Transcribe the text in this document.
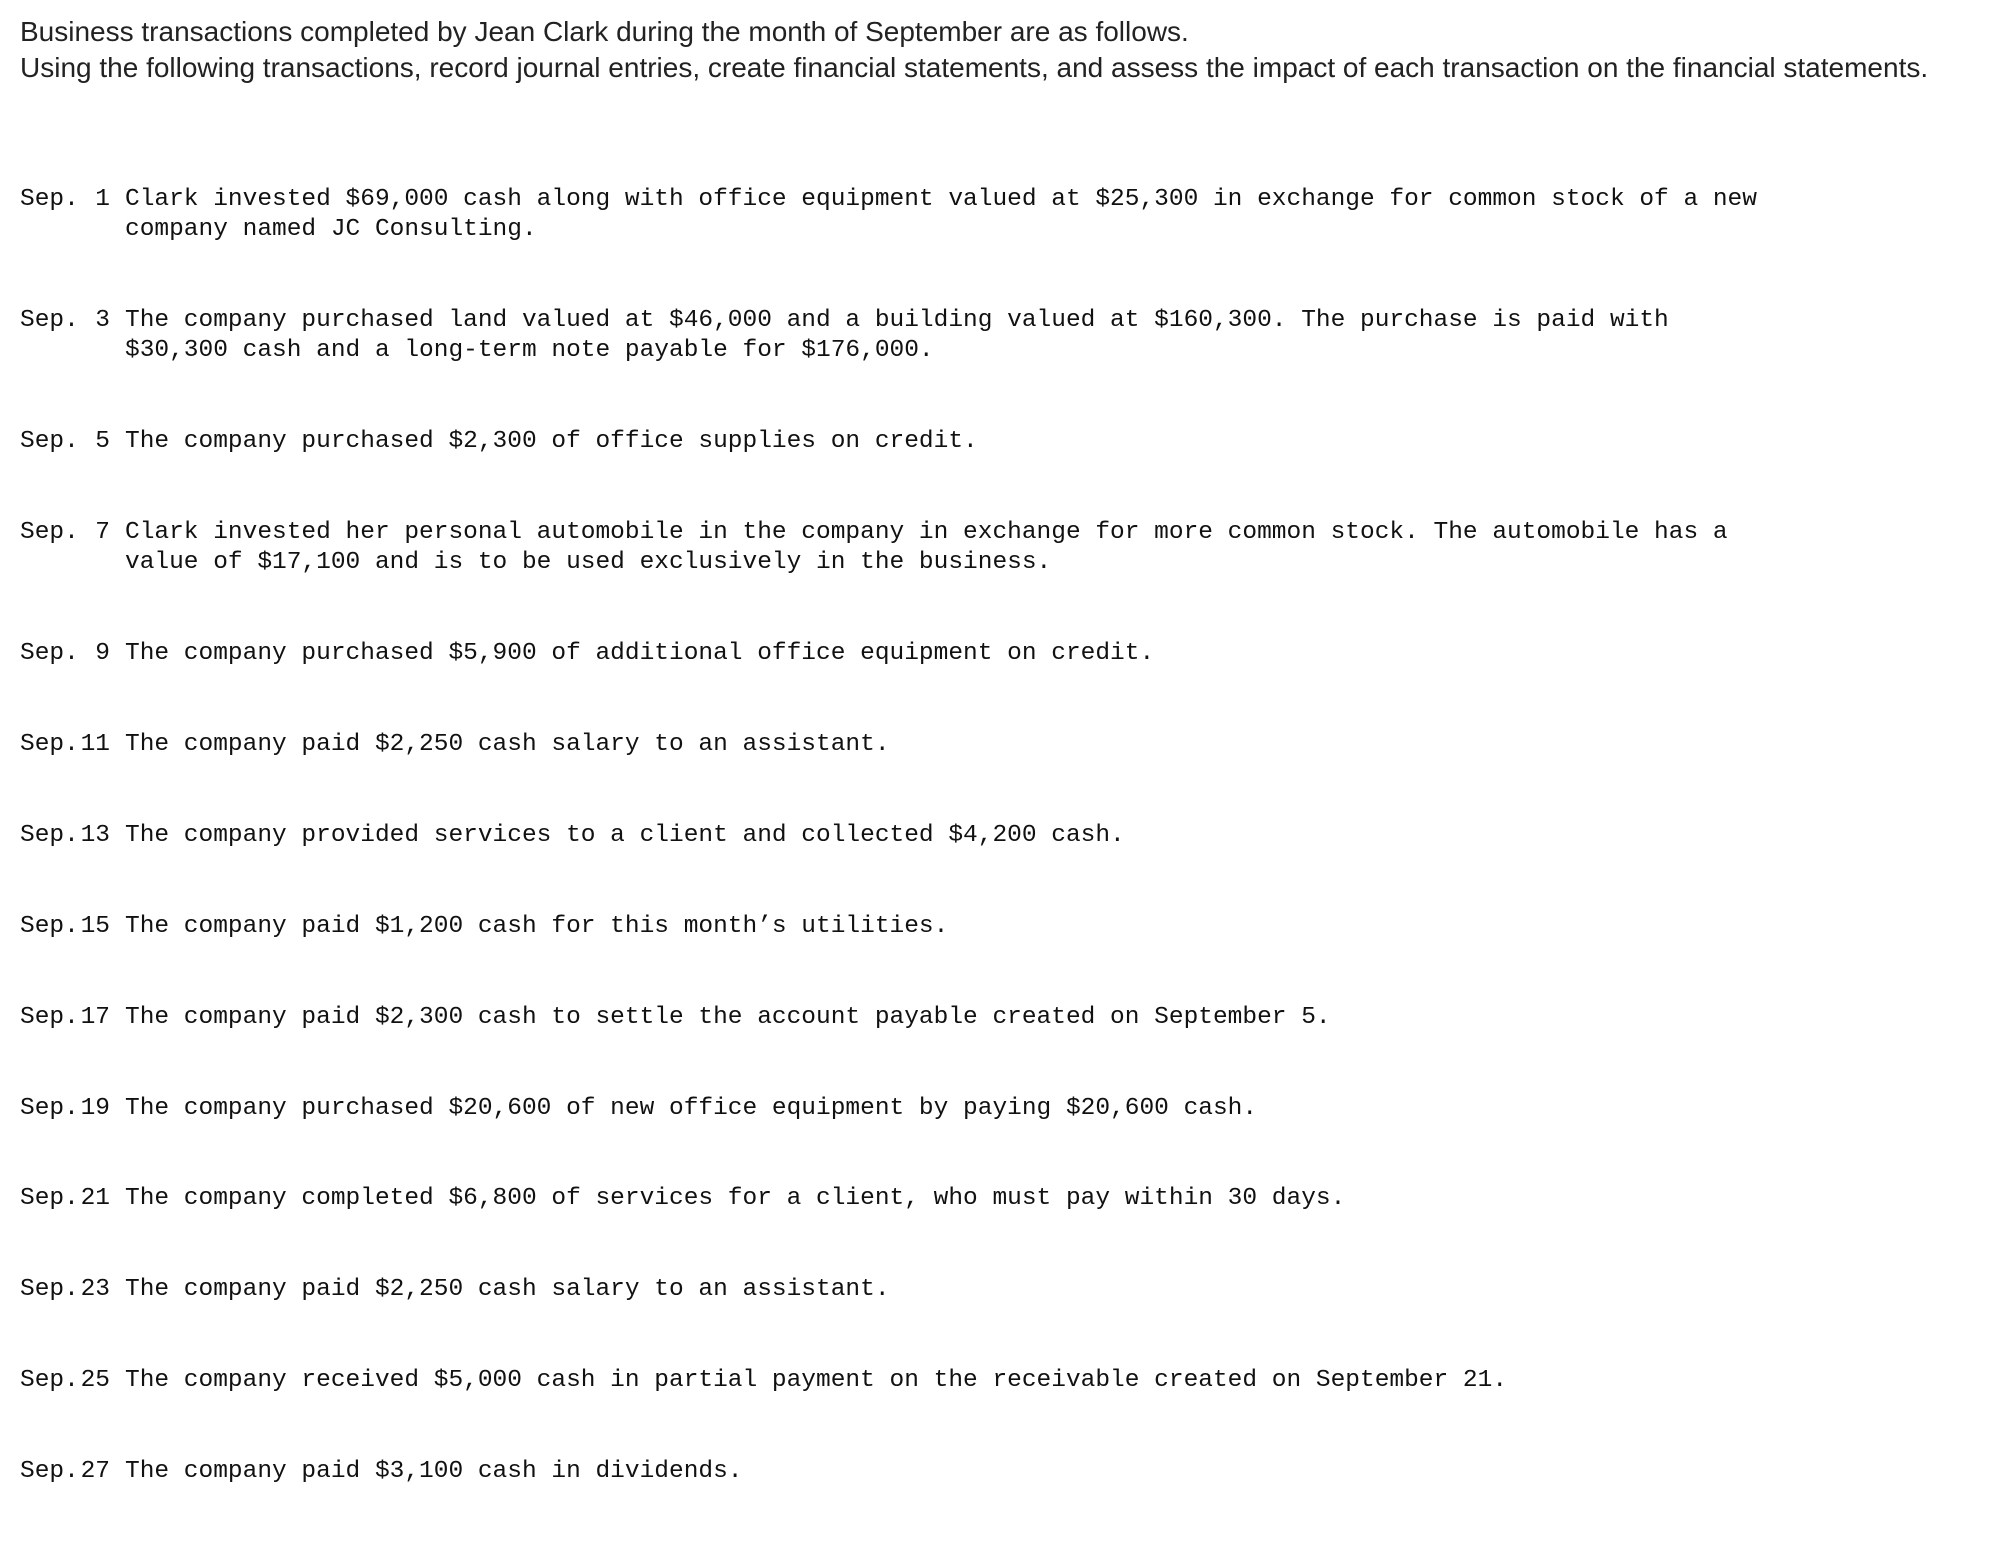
Business transactions completed by Jean Clark during the month of September are as follows.

Using the following transactions, record journal entries, create financial statements, and assess the impact of each transaction on the financial statements.

Sep. 1 Clark invested $69,000 cash along with office equipment valued at $25,300 in exchange for common stock of a new
company named JC Consulting.

Sep. 3 The company purchased land valued at $46,000 and a building valued at $160,300. The purchase is paid with
$30,300 cash and a long-term note payable for $176,000.

Sep. 5 The company purchased $2,300 of office supplies on credit.

Sep. 7 Clark invested her personal automobile in the company in exchange for more common stock. The automobile has a
value of $17,100 and is to be used exclusively in the business.

Sep. 9 The company purchased $5,900 of additional office equipment on credit.

Sep. 11 The company paid $2,250 cash salary to an assistant.

Sep. 13 The company provided services to a client and collected $4,200 cash.

Sep. 15 The company paid $1,200 cash for this month’s utilities.

Sep. 17 The company paid $2,300 cash to settle the account payable created on September 5.

Sep. 19 The company purchased $20,600 of new office equipment by paying $20,600 cash.

Sep. 21 The company completed $6,800 of services for a client, who must pay within 30 days.

Sep. 23 The company paid $2,250 cash salary to an assistant.

Sep. 25 The company received $5,000 cash in partial payment on the receivable created on September 21.

Sep. 27 The company paid $3,100 cash in dividends.
